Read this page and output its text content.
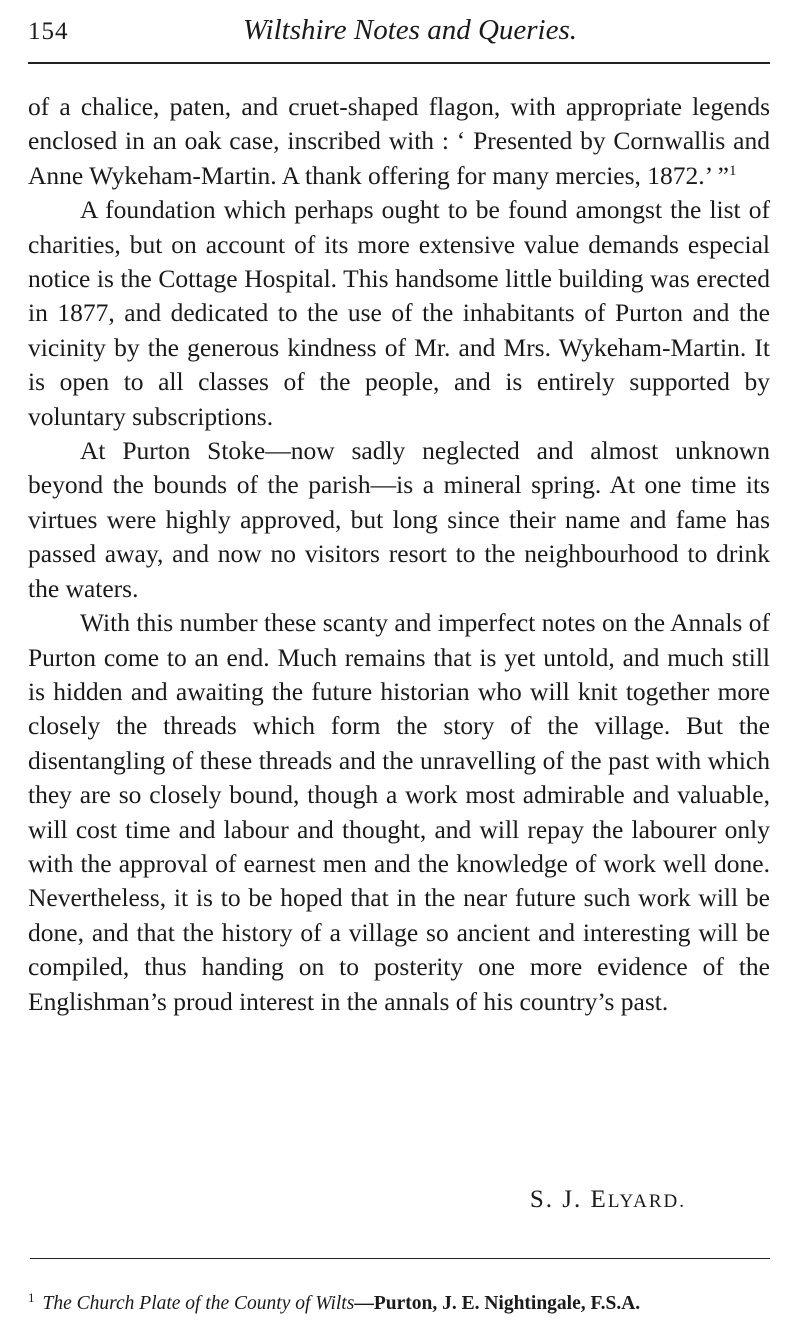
154	Wiltshire Notes and Queries.

of a chalice, paten, and cruet-shaped flagon, with appropriate legends enclosed in an oak case, inscribed with : ‘ Presented by Cornwallis and Anne Wykeham-Martin. A thank offering for many mercies, 1872.’ ”$^1$

A foundation which perhaps ought to be found amongst the list of charities, but on account of its more extensive value demands especial notice is the Cottage Hospital. This handsome little building was erected in 1877, and dedicated to the use of the inhabitants of Purton and the vicinity by the generous kindness of Mr. and Mrs. Wykeham-Martin. It is open to all classes of the people, and is entirely supported by voluntary subscriptions.

At Purton Stoke—now sadly neglected and almost unknown beyond the bounds of the parish—is a mineral spring. At one time its virtues were highly approved, but long since their name and fame has passed away, and now no visitors resort to the neighbourhood to drink the waters.

With this number these scanty and imperfect notes on the Annals of Purton come to an end. Much remains that is yet untold, and much still is hidden and awaiting the future historian who will knit together more closely the threads which form the story of the village. But the disentangling of these threads and the unravelling of the past with which they are so closely bound, though a work most admirable and valuable, will cost time and labour and thought, and will repay the labourer only with the approval of earnest men and the knowledge of work well done. Nevertheless, it is to be hoped that in the near future such work will be done, and that the history of a village so ancient and interesting will be compiled, thus handing on to posterity one more evidence of the Englishman’s proud interest in the annals of his country’s past.

S. J. ELYARD.
$^1$ The Church Plate of the County of Wilts—Purton, J. E. Nightingale, F.S.A.
